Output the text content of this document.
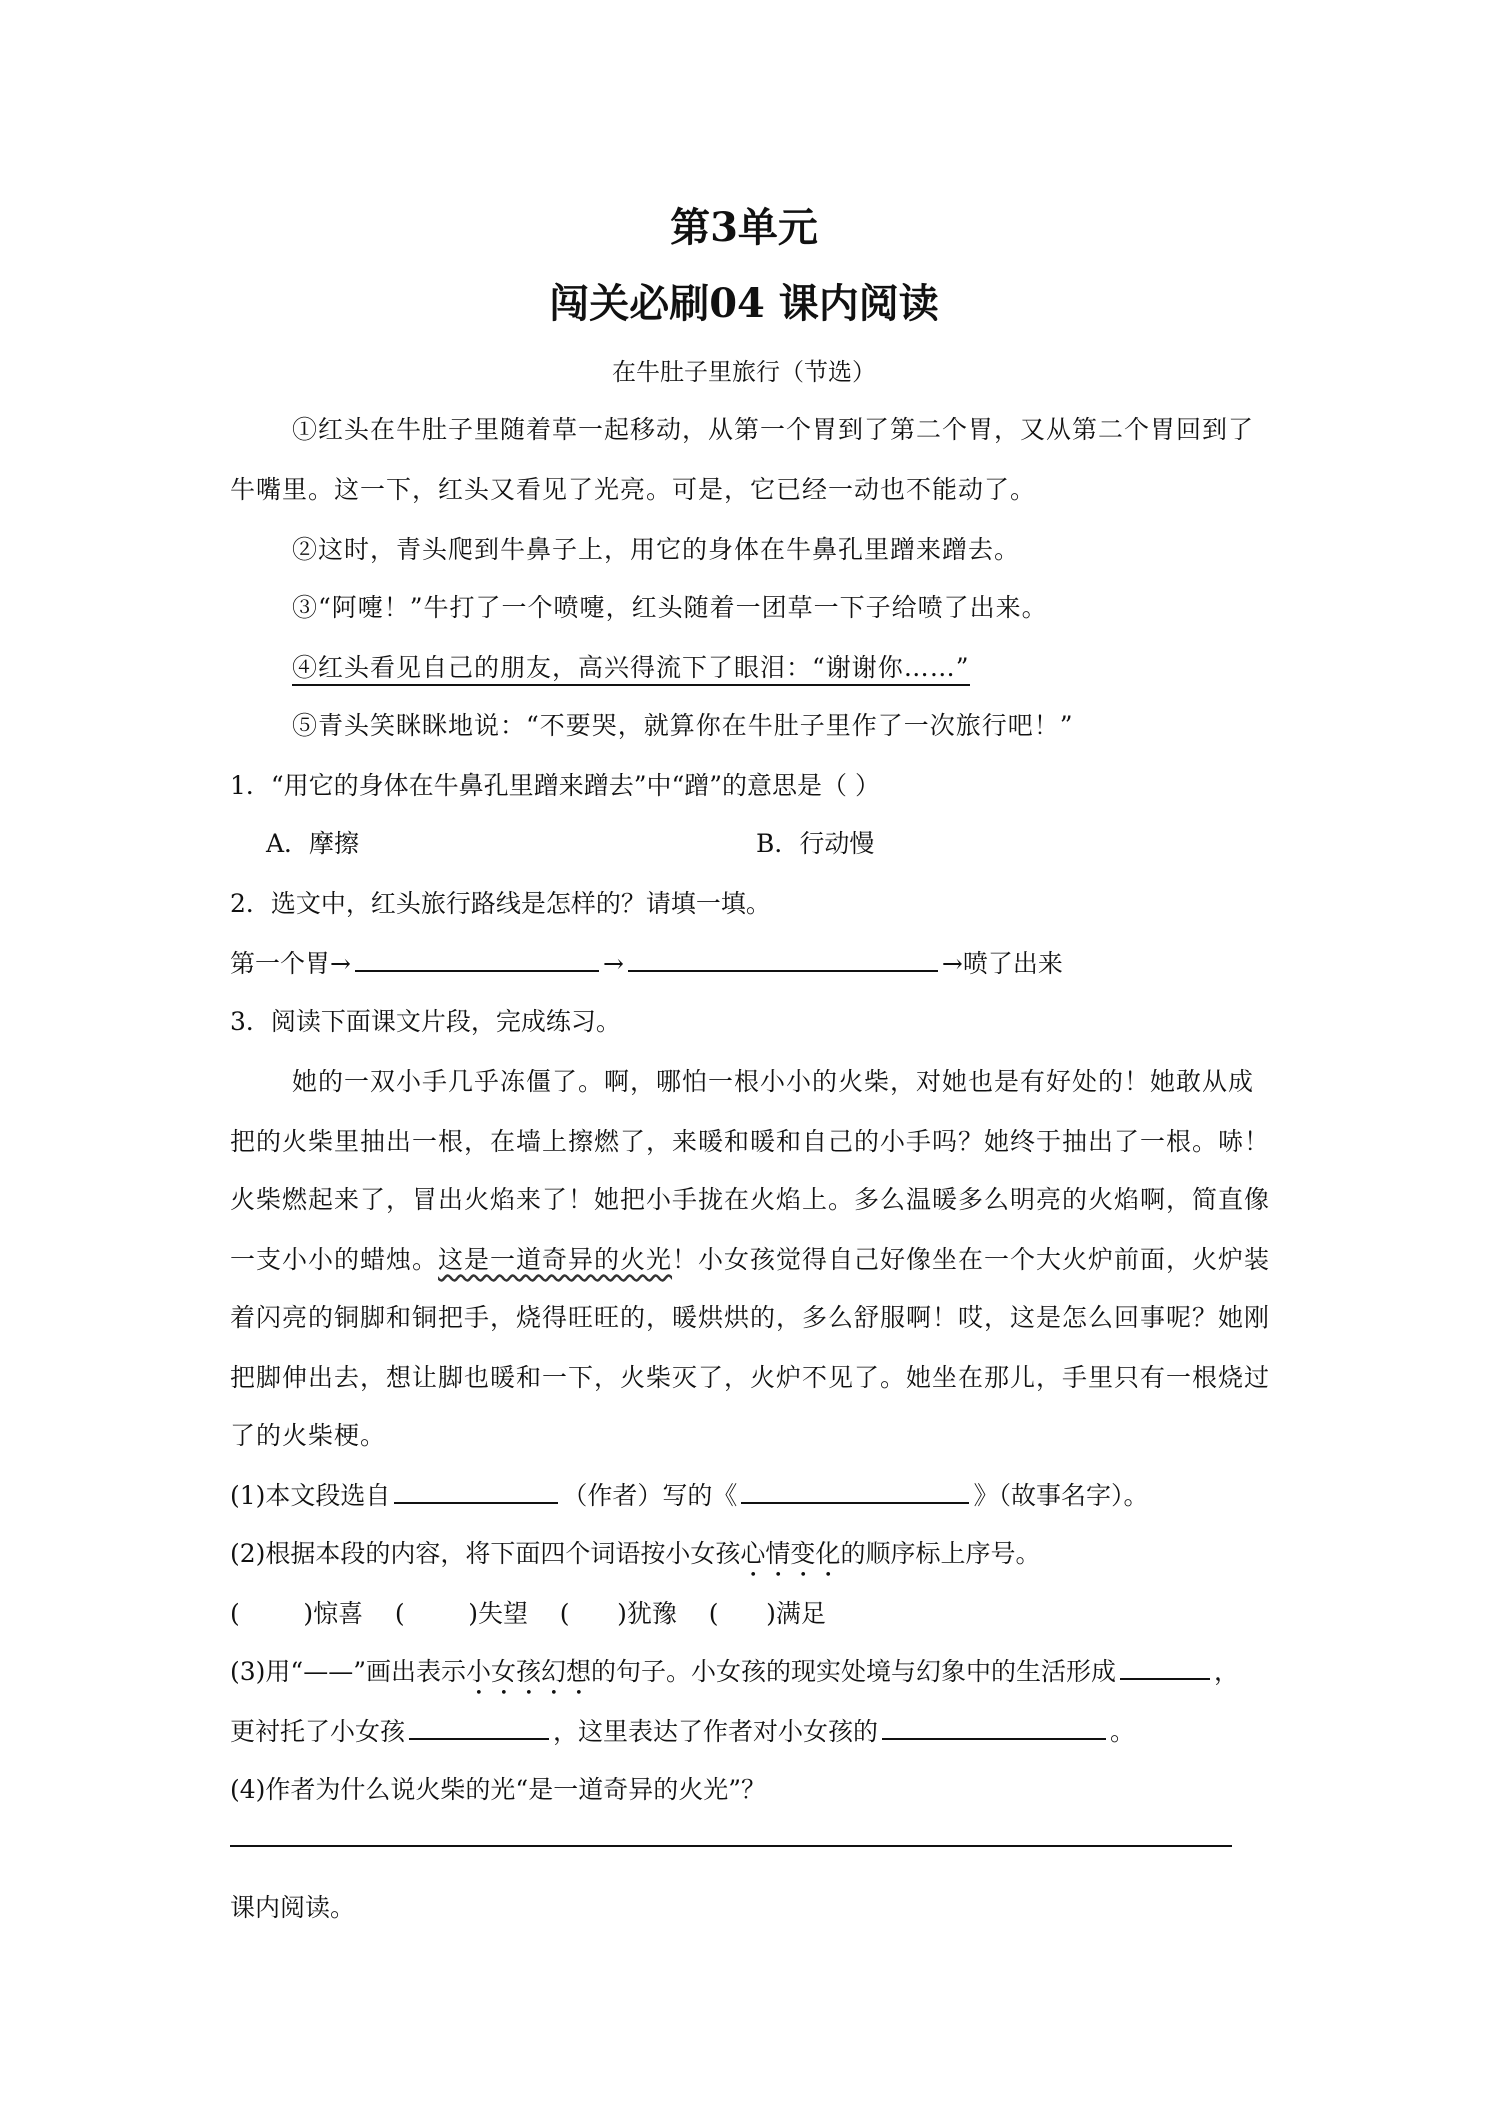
第3单元
闯关必刷04 课内阅读
在牛肚子里旅行（节选）
①红头在牛肚子里随着草一起移动，从第一个胃到了第二个胃，又从第二个胃回到了
牛嘴里。这一下，红头又看见了光亮。可是，它已经一动也不能动了。
②这时，青头爬到牛鼻子上，用它的身体在牛鼻孔里蹭来蹭去。
③“阿嚏！”牛打了一个喷嚏，红头随着一团草一下子给喷了出来。
④红头看见自己的朋友，高兴得流下了眼泪：“谢谢你……”
⑤青头笑眯眯地说：“不要哭，就算你在牛肚子里作了一次旅行吧！”
1．“用它的身体在牛鼻孔里蹭来蹭去”中“蹭”的意思是（ ）
A．摩擦	B．行动慢
2．选文中，红头旅行路线是怎样的？请填一填。
第一个胃→	→	→喷了出来
3．阅读下面课文片段，完成练习。
她的一双小手几乎冻僵了。啊，哪怕一根小小的火柴，对她也是有好处的！她敢从成
把的火柴里抽出一根，在墙上擦燃了，来暖和暖和自己的小手吗？她终于抽出了一根。哧！
火柴燃起来了，冒出火焰来了！她把小手拢在火焰上。多么温暖多么明亮的火焰啊，简直像
一支小小的蜡烛。这是一道奇异的火光！小女孩觉得自己好像坐在一个大火炉前面，火炉装
着闪亮的铜脚和铜把手，烧得旺旺的，暖烘烘的，多么舒服啊！哎，这是怎么回事呢？她刚
把脚伸出去，想让脚也暖和一下，火柴灭了，火炉不见了。她坐在那儿，手里只有一根烧过
了的火柴梗。
(1)本文段选自	（作者）写的《	》（故事名字）。
(2)根据本段的内容，将下面四个词语按小女孩心情变化的顺序标上序号。
(        )惊喜    (        )失望    (      )犹豫    (      )满足
(3)用“——”画出表示小女孩幻想的句子。小女孩的现实处境与幻象中的生活形成	，
更衬托了小女孩	，这里表达了作者对小女孩的	。
(4)作者为什么说火柴的光“是一道奇异的火光”？
课内阅读。
